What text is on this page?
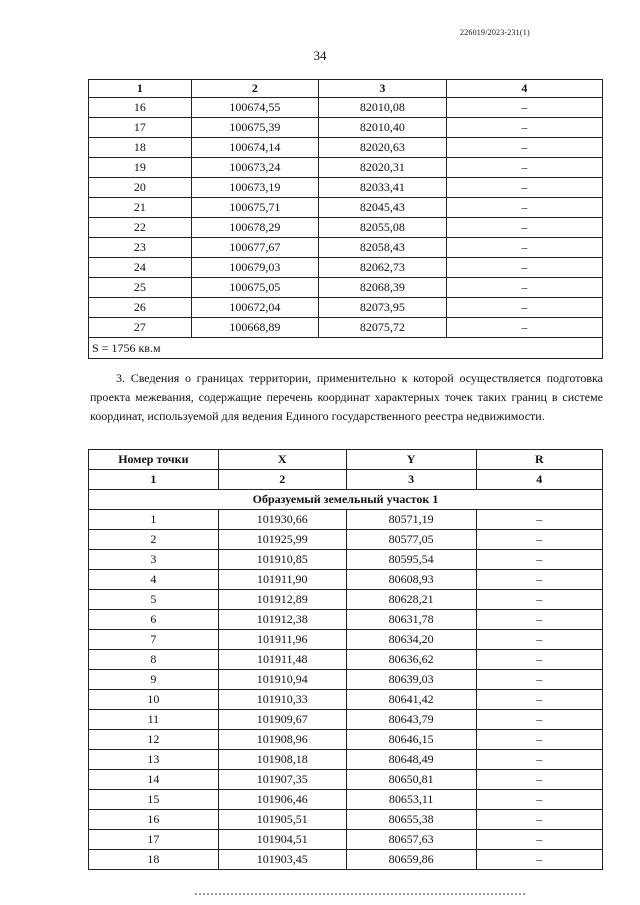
226019/2023-231(1)
34
1	2	3	4
16	100674,55	82010,08	–
17	100675,39	82010,40	–
18	100674,14	82020,63	–
19	100673,24	82020,31	–
20	100673,19	82033,41	–
21	100675,71	82045,43	–
22	100678,29	82055,08	–
23	100677,67	82058,43	–
24	100679,03	82062,73	–
25	100675,05	82068,39	–
26	100672,04	82073,95	–
27	100668,89	82075,72	–
S = 1756 кв.м			
3. Сведения о границах территории, применительно к которой осуществляется подготовка проекта межевания, содержащие перечень координат характерных точек таких границ в системе координат, используемой для ведения Единого государственного реестра недвижимости.
Номер точки	X	Y	R
1	2	3	4
Образуемый земельный участок 1			
1	101930,66	80571,19	–
2	101925,99	80577,05	–
3	101910,85	80595,54	–
4	101911,90	80608,93	–
5	101912,89	80628,21	–
6	101912,38	80631,78	–
7	101911,96	80634,20	–
8	101911,48	80636,62	–
9	101910,94	80639,03	–
10	101910,33	80641,42	–
11	101909,67	80643,79	–
12	101908,96	80646,15	–
13	101908,18	80648,49	–
14	101907,35	80650,81	–
15	101906,46	80653,11	–
16	101905,51	80655,38	–
17	101904,51	80657,63	–
18	101903,45	80659,86	–
